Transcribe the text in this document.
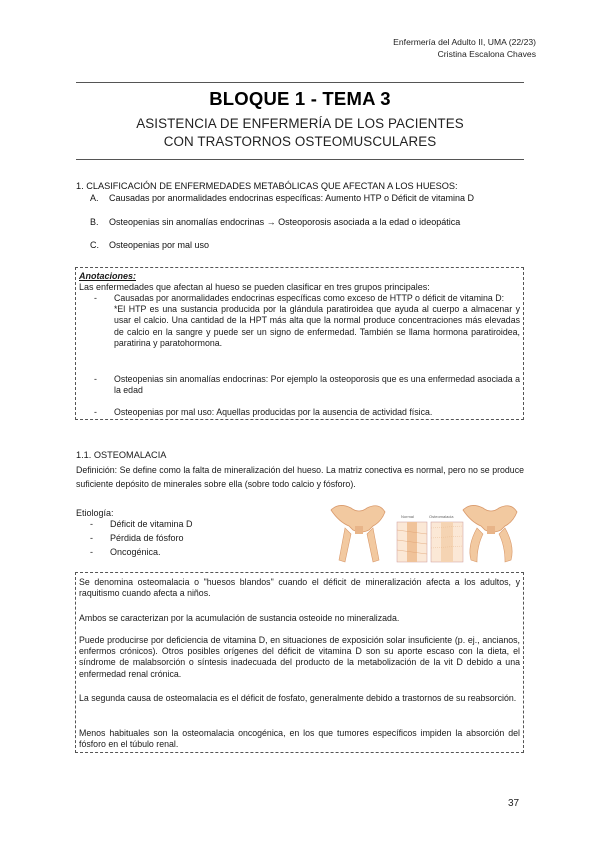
Enfermería del Adulto II, UMA (22/23)
Cristina Escalona Chaves
BLOQUE 1 - TEMA 3
ASISTENCIA DE ENFERMERÍA DE LOS PACIENTES
CON TRASTORNOS OSTEOMUSCULARES
1. CLASIFICACIÓN DE ENFERMEDADES METABÓLICAS QUE AFECTAN A LOS HUESOS:
A. Causadas por anormalidades endocrinas específicas: Aumento HTP o Déficit de vitamina D
B. Osteopenias sin anomalías endocrinas → Osteoporosis asociada a la edad o ideopática
C. Osteopenias por mal uso
Anotaciones:
Las enfermedades que afectan al hueso se pueden clasificar en tres grupos principales:
- Causadas por anormalidades endocrinas específicas como exceso de HTTP o déficit de vitamina D:

*El HTP es una sustancia producida por la glándula paratiroidea que ayuda al cuerpo a almacenar y usar el calcio. Una cantidad de la HPT más alta que la normal produce concentraciones más elevadas de calcio en la sangre y puede ser un signo de enfermedad. También se llama hormona paratiroidea, paratirina y paratohormona.

- Osteopenias sin anomalías endocrinas: Por ejemplo la osteoporosis que es una enfermedad asociada a la edad

- Osteopenias por mal uso: Aquellas producidas por la ausencia de actividad física.

1.1. OSTEOMALACIA
Definición: Se define como la falta de mineralización del hueso. La matriz conectiva es normal, pero no se produce suficiente depósito de minerales sobre ella (sobre todo calcio y fósforo).
Etiología:
- Déficit de vitamina D
- Pérdida de fósforo
- Oncogénica.
Normal	Osteomalacia

Se denomina osteomalacia o "huesos blandos" cuando el déficit de mineralización afecta a los adultos, y raquitismo cuando afecta a niños.

Ambos se caracterizan por la acumulación de sustancia osteoide no mineralizada.

Puede producirse por deficiencia de vitamina D, en situaciones de exposición solar insuficiente (p. ej., ancianos, enfermos crónicos). Otros posibles orígenes del déficit de vitamina D son su aporte escaso con la dieta, el síndrome de malabsorción o síntesis inadecuada del producto de la metabolización de la vit D debido a una enfermedad renal crónica.

La segunda causa de osteomalacia es el déficit de fosfato, generalmente debido a trastornos de su reabsorción.

Menos habituales son la osteomalacia oncogénica, en los que tumores específicos impiden la absorción del fósforo en el túbulo renal.

37
